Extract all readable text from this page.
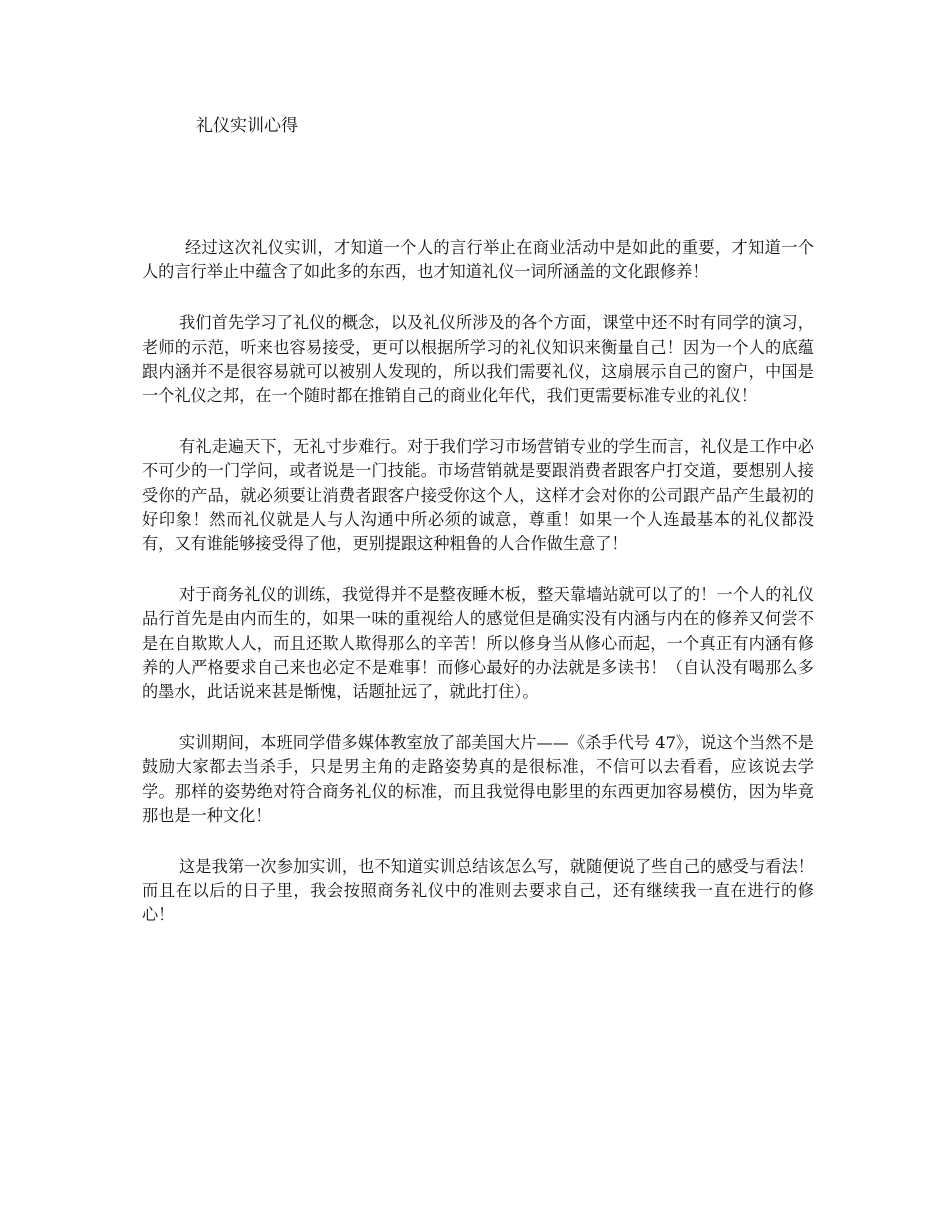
礼仪实训心得

经过这次礼仪实训，才知道一个人的言行举止在商业活动中是如此的重要，才知道一个人的言行举止中蕴含了如此多的东西，也才知道礼仪一词所涵盖的文化跟修养！

我们首先学习了礼仪的概念，以及礼仪所涉及的各个方面，课堂中还不时有同学的演习，老师的示范，听来也容易接受，更可以根据所学习的礼仪知识来衡量自己！因为一个人的底蕴跟内涵并不是很容易就可以被别人发现的，所以我们需要礼仪，这扇展示自己的窗户，中国是一个礼仪之邦，在一个随时都在推销自己的商业化年代，我们更需要标准专业的礼仪！

有礼走遍天下，无礼寸步难行。对于我们学习市场营销专业的学生而言，礼仪是工作中必不可少的一门学问，或者说是一门技能。市场营销就是要跟消费者跟客户打交道，要想别人接受你的产品，就必须要让消费者跟客户接受你这个人，这样才会对你的公司跟产品产生最初的好印象！然而礼仪就是人与人沟通中所必须的诚意，尊重！如果一个人连最基本的礼仪都没有，又有谁能够接受得了他，更别提跟这种粗鲁的人合作做生意了！

对于商务礼仪的训练，我觉得并不是整夜睡木板，整天靠墙站就可以了的！一个人的礼仪品行首先是由内而生的，如果一味的重视给人的感觉但是确实没有内涵与内在的修养又何尝不是在自欺欺人人，而且还欺人欺得那么的辛苦！所以修身当从修心而起，一个真正有内涵有修养的人严格要求自己来也必定不是难事！而修心最好的办法就是多读书！（自认没有喝那么多的墨水，此话说来甚是惭愧，话题扯远了，就此打住）。

实训期间，本班同学借多媒体教室放了部美国大片——《杀手代号 47》，说这个当然不是鼓励大家都去当杀手，只是男主角的走路姿势真的是很标准，不信可以去看看，应该说去学学。那样的姿势绝对符合商务礼仪的标准，而且我觉得电影里的东西更加容易模仿，因为毕竟那也是一种文化！

这是我第一次参加实训，也不知道实训总结该怎么写，就随便说了些自己的感受与看法！而且在以后的日子里，我会按照商务礼仪中的准则去要求自己，还有继续我一直在进行的修心！
